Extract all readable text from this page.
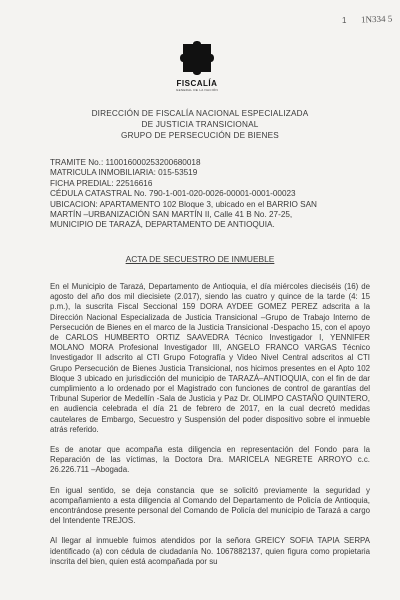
1N334 5
1
FISCALÍA
GENERAL DE LA NACIÓN
DIRECCIÓN DE FISCALÍA NACIONAL ESPECIALIZADA
DE JUSTICIA TRANSICIONAL
GRUPO DE PERSECUCIÓN DE BIENES
TRAMITE No.: 110016000253200680018
MATRICULA INMOBILIARIA: 015-53519
FICHA PREDIAL: 22516616
CÉDULA CATASTRAL No. 790-1-001-020-0026-00001-0001-00023
UBICACION: APARTAMENTO 102 Bloque 3, ubicado en el BARRIO SAN
MARTÍN –URBANIZACIÓN SAN MARTÍN II, Calle 41 B No. 27-25,
MUNICIPIO DE TARAZÁ, DEPARTAMENTO DE ANTIOQUIA.
ACTA DE SECUESTRO DE INMUEBLE

En el Municipio de Tarazá, Departamento de Antioquia, el día miércoles dieciséis (16) de agosto del año dos mil diecisiete (2.017), siendo las cuatro y quince de la tarde (4: 15 p.m.), la suscrita Fiscal Seccional 159 DORA AYDEE GOMEZ PEREZ adscrita a la Dirección Nacional Especializada de Justicia Transicional –Grupo de Trabajo Interno de Persecución de Bienes en el marco de la Justicia Transicional -Despacho 15, con el apoyo de CARLOS HUMBERTO ORTIZ SAAVEDRA Técnico Investigador I, YENNIFER MOLANO MORA Profesional Investigador III, ANGELO FRANCO VARGAS Técnico Investigador II adscrito al CTI Grupo Fotografía y Video Nivel Central adscritos al CTI Grupo Persecución de Bienes Justicia Transicional, nos hicimos presentes en el Apto 102 Bloque 3 ubicado en jurisdicción del municipio de TARAZÁ–ANTIOQUIA, con el fin de dar cumplimiento a lo ordenado por el Magistrado con funciones de control de garantías del Tribunal Superior de Medellín -Sala de Justicia y Paz Dr. OLIMPO CASTAÑO QUINTERO, en audiencia celebrada el día 21 de febrero de 2017, en la cual decretó medidas cautelares de Embargo, Secuestro y Suspensión del poder dispositivo sobre el inmueble atrás referido.

Es de anotar que acompaña esta diligencia en representación del Fondo para la Reparación de las víctimas, la Doctora Dra. MARICELA NEGRETE ARROYO c.c. 26.226.711 –Abogada.

En igual sentido, se deja constancia que se solicitó previamente la seguridad y acompañamiento a esta diligencia al Comando del Departamento de Policía de Antioquia, encontrándose presente personal del Comando de Policía del municipio de Tarazá a cargo del Intendente TREJOS.

Al llegar al inmueble fuimos atendidos por la señora GREICY SOFIA TAPIA SERPA identificado (a) con cédula de ciudadanía No. 1067882137, quien figura como propietaria inscrita del bien, quien está acompañada por su
